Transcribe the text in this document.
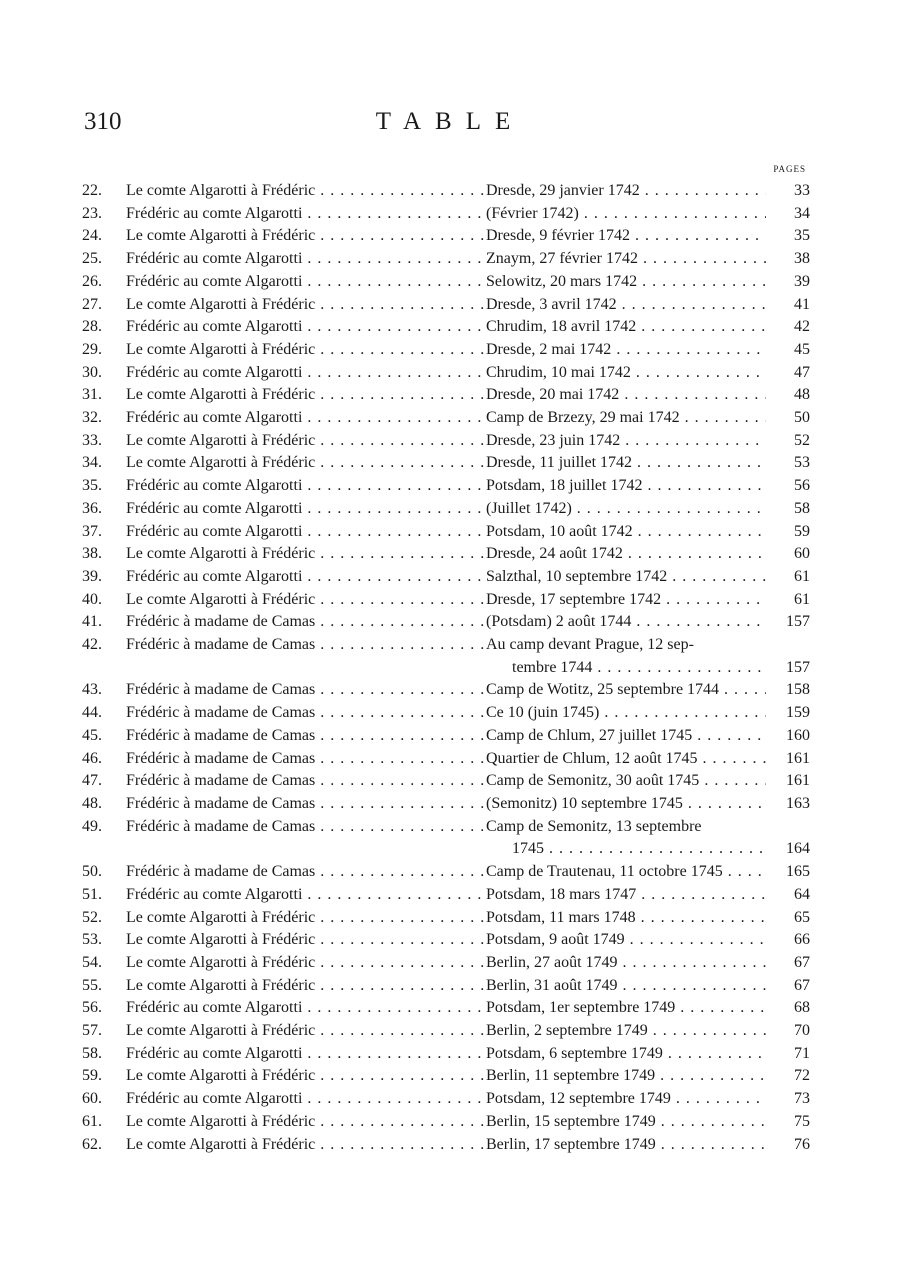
310	TABLE
PAGES
22.	Le comte Algarotti à Frédéric . . .	Dresde, 29 janvier 1742 . . .	33
23.	Frédéric au comte Algarotti . . .	(Février 1742) . . .	34
24.	Le comte Algarotti à Frédéric . . .	Dresde, 9 février 1742 . . .	35
25.	Frédéric au comte Algarotti . . .	Znaym, 27 février 1742 . . .	38
26.	Frédéric au comte Algarotti . . .	Selowitz, 20 mars 1742 . . .	39
27.	Le comte Algarotti à Frédéric . . .	Dresde, 3 avril 1742 . . .	41
28.	Frédéric au comte Algarotti . . .	Chrudim, 18 avril 1742 . . .	42
29.	Le comte Algarotti à Frédéric . . .	Dresde, 2 mai 1742 . . .	45
30.	Frédéric au comte Algarotti . . .	Chrudim, 10 mai 1742 . . .	47
31.	Le comte Algarotti à Frédéric . . .	Dresde, 20 mai 1742 . . .	48
32.	Frédéric au comte Algarotti . . .	Camp de Brzezy, 29 mai 1742 . . .	50
33.	Le comte Algarotti à Frédéric . . .	Dresde, 23 juin 1742 . . .	52
34.	Le comte Algarotti à Frédéric . . .	Dresde, 11 juillet 1742 . . .	53
35.	Frédéric au comte Algarotti . . .	Potsdam, 18 juillet 1742 . . .	56
36.	Frédéric au comte Algarotti . . .	(Juillet 1742) . . .	58
37.	Frédéric au comte Algarotti . . .	Potsdam, 10 août 1742 . . .	59
38.	Le comte Algarotti à Frédéric . . .	Dresde, 24 août 1742 . . .	60
39.	Frédéric au comte Algarotti . . .	Salzthal, 10 septembre 1742 . . .	61
40.	Le comte Algarotti à Frédéric . . .	Dresde, 17 septembre 1742 . . .	61
41.	Frédéric à madame de Camas . . .	(Potsdam) 2 août 1744 . . .	157
42.	Frédéric à madame de Camas . . .	Au camp devant Prague, 12 sep-
tembre 1744 . . .	157
43.	Frédéric à madame de Camas . . .	Camp de Wotitz, 25 septembre 1744 . . .	158
44.	Frédéric à madame de Camas . . .	Ce 10 (juin 1745) . . .	159
45.	Frédéric à madame de Camas . . .	Camp de Chlum, 27 juillet 1745 . . .	160
46.	Frédéric à madame de Camas . . .	Quartier de Chlum, 12 août 1745 . . .	161
47.	Frédéric à madame de Camas . . .	Camp de Semonitz, 30 août 1745 . . .	161
48.	Frédéric à madame de Camas . . .	(Semonitz) 10 septembre 1745 . . .	163
49.	Frédéric à madame de Camas . . .	Camp de Semonitz, 13 septembre
1745 . . .	164
50.	Frédéric à madame de Camas . . .	Camp de Trautenau, 11 octobre 1745 . . .	165
51.	Frédéric au comte Algarotti . . .	Potsdam, 18 mars 1747 . . .	64
52.	Le comte Algarotti à Frédéric . . .	Potsdam, 11 mars 1748 . . .	65
53.	Le comte Algarotti à Frédéric . . .	Potsdam, 9 août 1749 . . .	66
54.	Le comte Algarotti à Frédéric . . .	Berlin, 27 août 1749 . . .	67
55.	Le comte Algarotti à Frédéric . . .	Berlin, 31 août 1749 . . .	67
56.	Frédéric au comte Algarotti . . .	Potsdam, 1er septembre 1749 . . .	68
57.	Le comte Algarotti à Frédéric . . .	Berlin, 2 septembre 1749 . . .	70
58.	Frédéric au comte Algarotti . . .	Potsdam, 6 septembre 1749 . . .	71
59.	Le comte Algarotti à Frédéric . . .	Berlin, 11 septembre 1749 . . .	72
60.	Frédéric au comte Algarotti . . .	Potsdam, 12 septembre 1749 . . .	73
61.	Le comte Algarotti à Frédéric . . .	Berlin, 15 septembre 1749 . . .	75
62.	Le comte Algarotti à Frédéric . . .	Berlin, 17 septembre 1749 . . .	76
